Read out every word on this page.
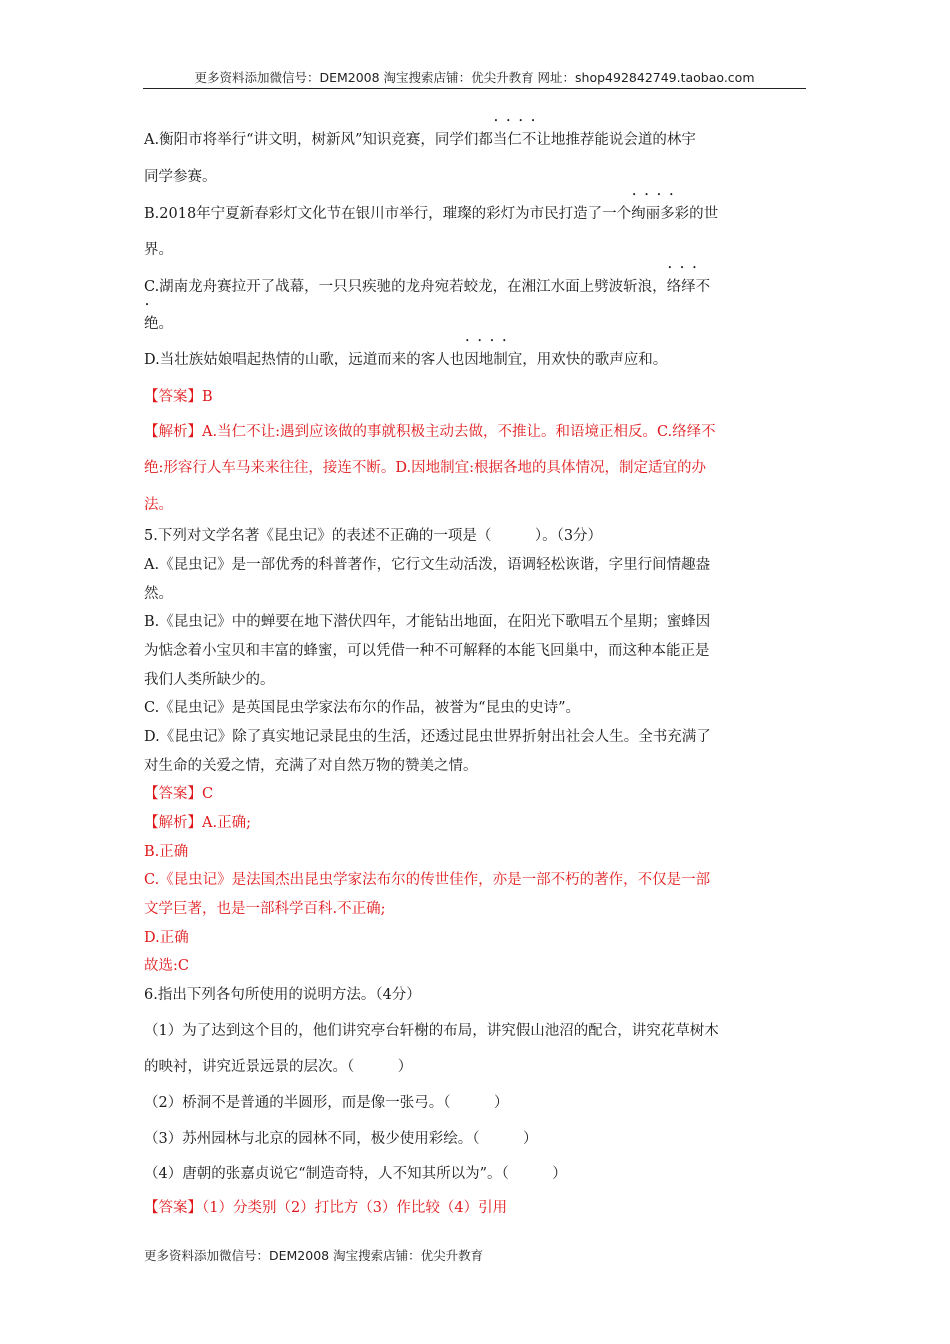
更多资料添加微信号：DEM2008 淘宝搜索店铺：优尖升教育 网址：shop492842749.taobao.com
A.衡阳市将举行“讲文明，树新风”知识竞赛，同学们都• • • • 当仁不让地推荐能说会道的林宇
同学参赛。
B.2018年宁夏新春彩灯文化节在银川市举行，璀璨的彩灯为市民打造了一个• • • • 绚丽多彩的世
界。
C.湖南龙舟赛拉开了战幕，一只只疾驰的龙舟宛若蛟龙，在湘江水面上劈波斩浪，• • • 络绎不
绝。
D.当壮族姑娘唱起热情的山歌，远道而来的客人也• • • • 因地制宜，用欢快的歌声应和。
【答案】B
【解析】A.当仁不让:遇到应该做的事就积极主动去做，不推让。和语境正相反。C.络绎不
绝:形容行人车马来来往往，接连不断。D.因地制宜:根据各地的具体情况，制定适宜的办
法。
5.下列对文学名著《昆虫记》的表述不正确的一项是（　　　）。（3分）
A.《昆虫记》是一部优秀的科普著作，它行文生动活泼，语调轻松诙谐，字里行间情趣盎
然。
B.《昆虫记》中的蝉要在地下潜伏四年，才能钻出地面，在阳光下歌唱五个星期；蜜蜂因
为惦念着小宝贝和丰富的蜂蜜，可以凭借一种不可解释的本能飞回巢中，而这种本能正是
我们人类所缺少的。
C.《昆虫记》是英国昆虫学家法布尔的作品，被誉为“昆虫的史诗”。
D.《昆虫记》除了真实地记录昆虫的生活，还透过昆虫世界折射出社会人生。全书充满了
对生命的关爱之情，充满了对自然万物的赞美之情。
【答案】C
【解析】A.正确;
B.正确
C.《昆虫记》是法国杰出昆虫学家法布尔的传世佳作，亦是一部不朽的著作，不仅是一部
文学巨著，也是一部科学百科.不正确;
D.正确
故选:C
6.指出下列各句所使用的说明方法。（4分）
（1）为了达到这个目的，他们讲究亭台轩榭的布局，讲究假山池沼的配合，讲究花草树木
的映衬，讲究近景远景的层次。（　　　）
（2）桥洞不是普通的半圆形，而是像一张弓。（　　　）
（3）苏州园林与北京的园林不同，极少使用彩绘。（　　　）
（4）唐朝的张嘉贞说它“制造奇特，人不知其所以为”。（　　　）
【答案】（1）分类别（2）打比方（3）作比较（4）引用
更多资料添加微信号：DEM2008 淘宝搜索店铺：优尖升教育
